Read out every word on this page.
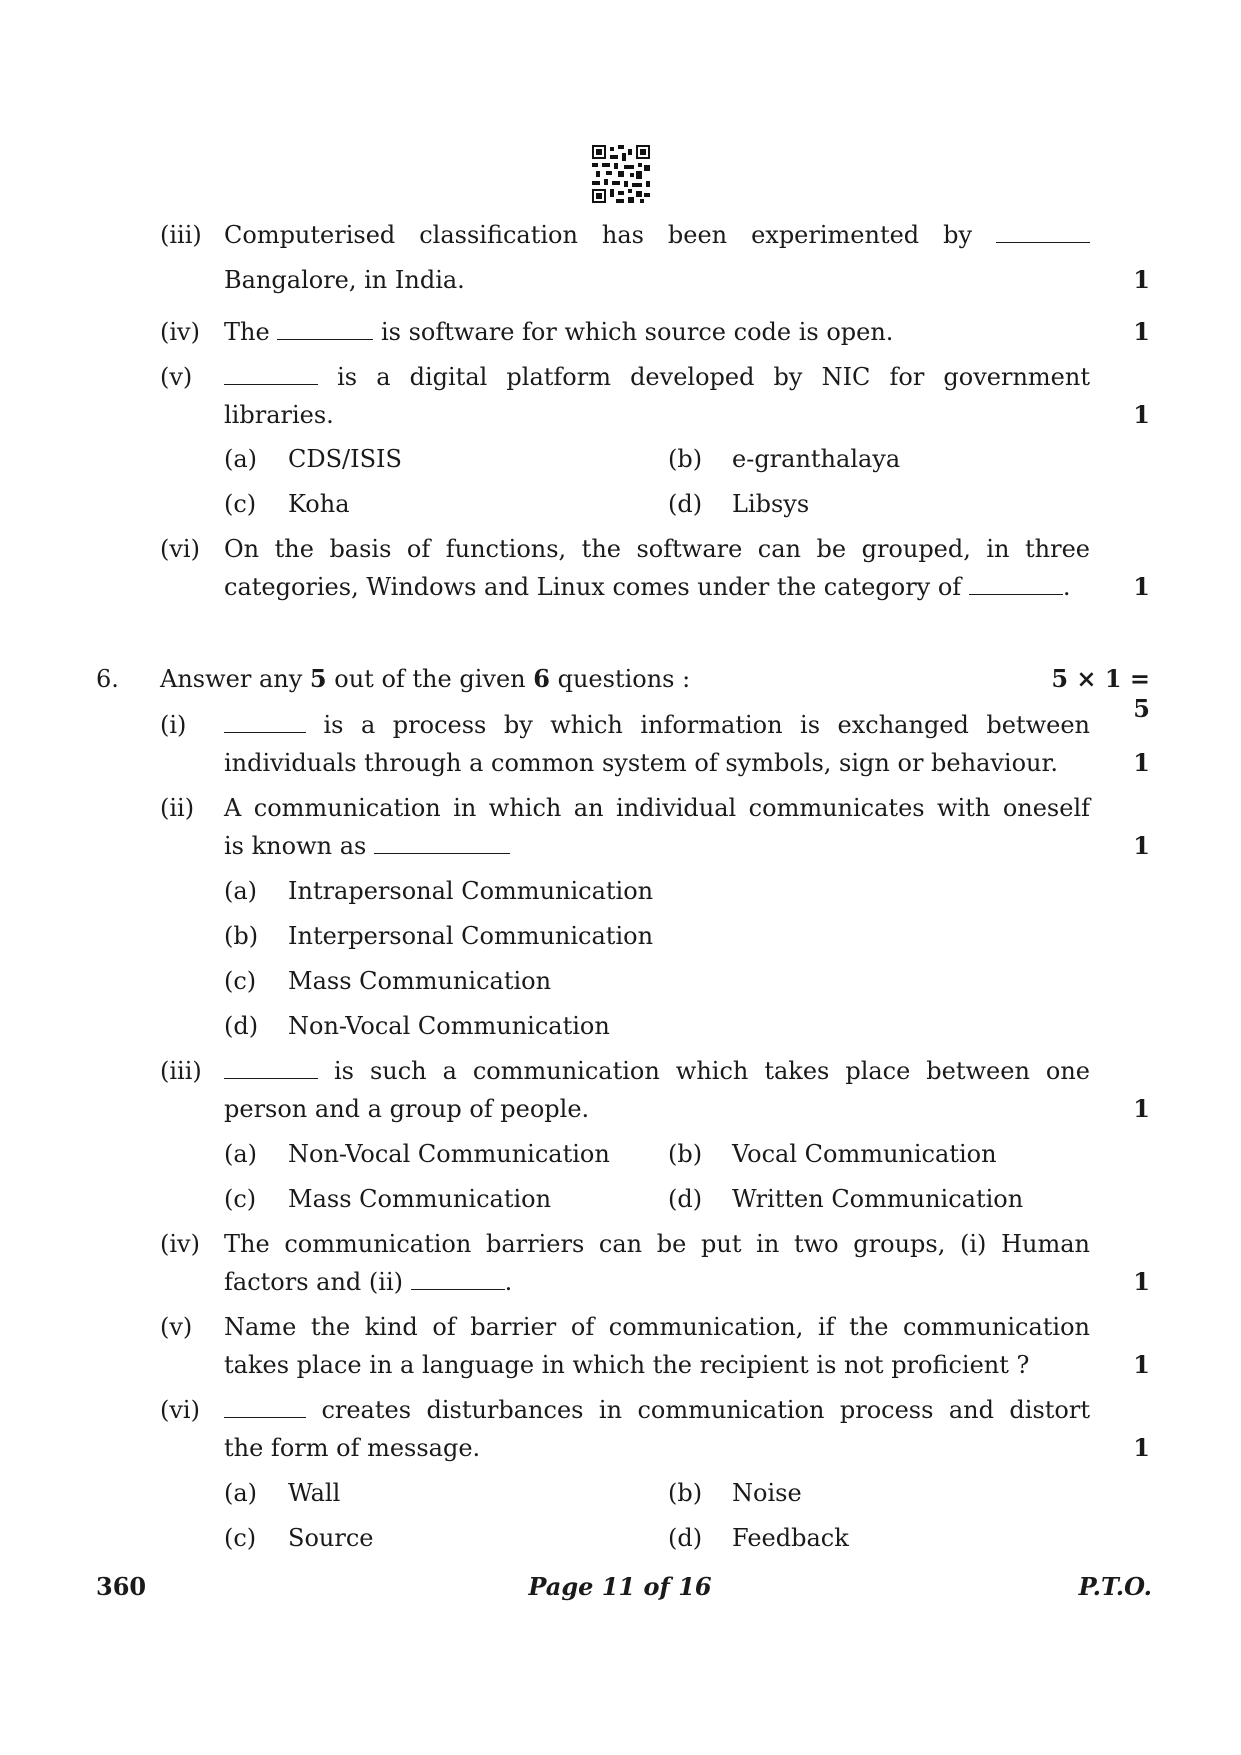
(iii) Computerised classification has been experimented by
Bangalore, in India.	1
(iv)	The	is software for which source code is open.	1
(v)	is a digital platform developed by NIC for government
libraries.	1
(a) CDS/ISIS	(b) e-granthalaya
(c) Koha	(d) Libsys
(vi)	On the basis of functions, the software can be grouped, in three
categories, Windows and Linux comes under the category of	.	1
6. Answer any 5 out of the given 6 questions :	5 × 1 = 5
(i)	is a process by which information is exchanged between
individuals through a common system of symbols, sign or behaviour.	1
(ii)	A communication in which an individual communicates with oneself
is known as	1
(a) Intrapersonal Communication
(b) Interpersonal Communication
(c) Mass Communication
(d) Non-Vocal Communication
(iii)	is such a communication which takes place between one
person and a group of people.	1
(a) Non-Vocal Communication (b) Vocal Communication
(c) Mass Communication	(d) Written Communication
(iv)	The communication barriers can be put in two groups, (i) Human
factors and (ii)	.	1
(v)	Name the kind of barrier of communication, if the communication
takes place in a language in which the recipient is not proficient ?	1
(vi)	creates disturbances in communication process and distort
the form of message.	1
(a) Wall	(b) Noise
(c) Source	(d) Feedback
360	Page 11 of 16	P.T.O.
